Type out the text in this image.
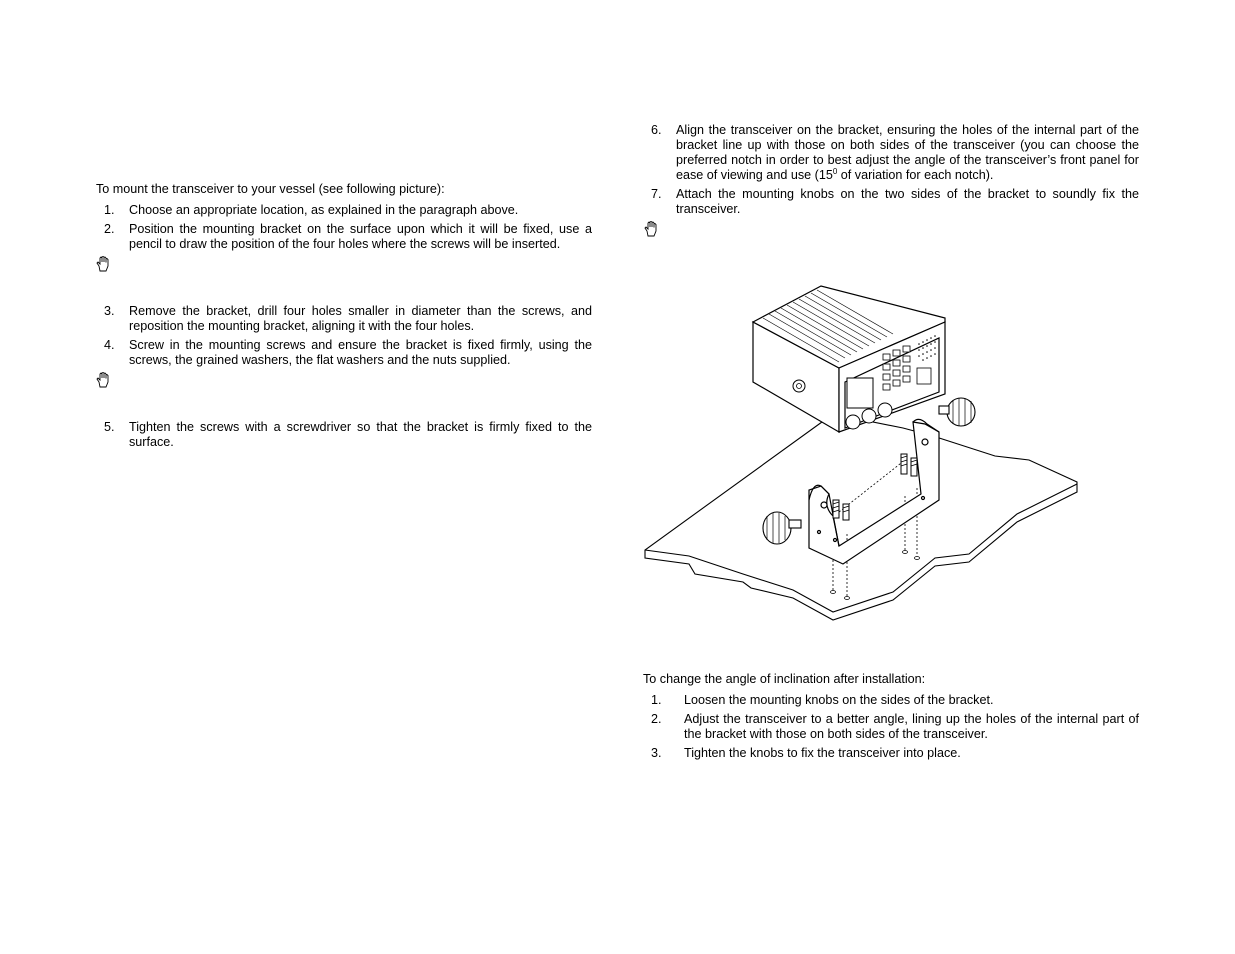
To mount the transceiver to your vessel (see following picture):

1. Choose an appropriate location, as explained in the paragraph above.
2. Position the mounting bracket on the surface upon which it will be fixed, use a pencil to draw the position of the four holes where the screws will be inserted.
3. Remove the bracket, drill four holes smaller in diameter than the screws, and reposition the mounting bracket, aligning it with the four holes.
4. Screw in the mounting screws and ensure the bracket is fixed firmly, using the screws, the grained washers, the flat washers and the nuts supplied.
5. Tighten the screws with a screwdriver so that the bracket is firmly fixed to the surface.
6. Align the transceiver on the bracket, ensuring the holes of the internal part of the bracket line up with those on both sides of the transceiver (you can choose the preferred notch in order to best adjust the angle of the transceiver’s front panel for ease of viewing and use ($15^0$ of variation for each notch).
7. Attach the mounting knobs on the two sides of the bracket to soundly fix the transceiver.

To change the angle of inclination after installation:

1. Loosen the mounting knobs on the sides of the bracket.
2. Adjust the transceiver to a better angle, lining up the holes of the internal part of the bracket with those on both sides of the transceiver.
3. Tighten the knobs to fix the transceiver into place.
